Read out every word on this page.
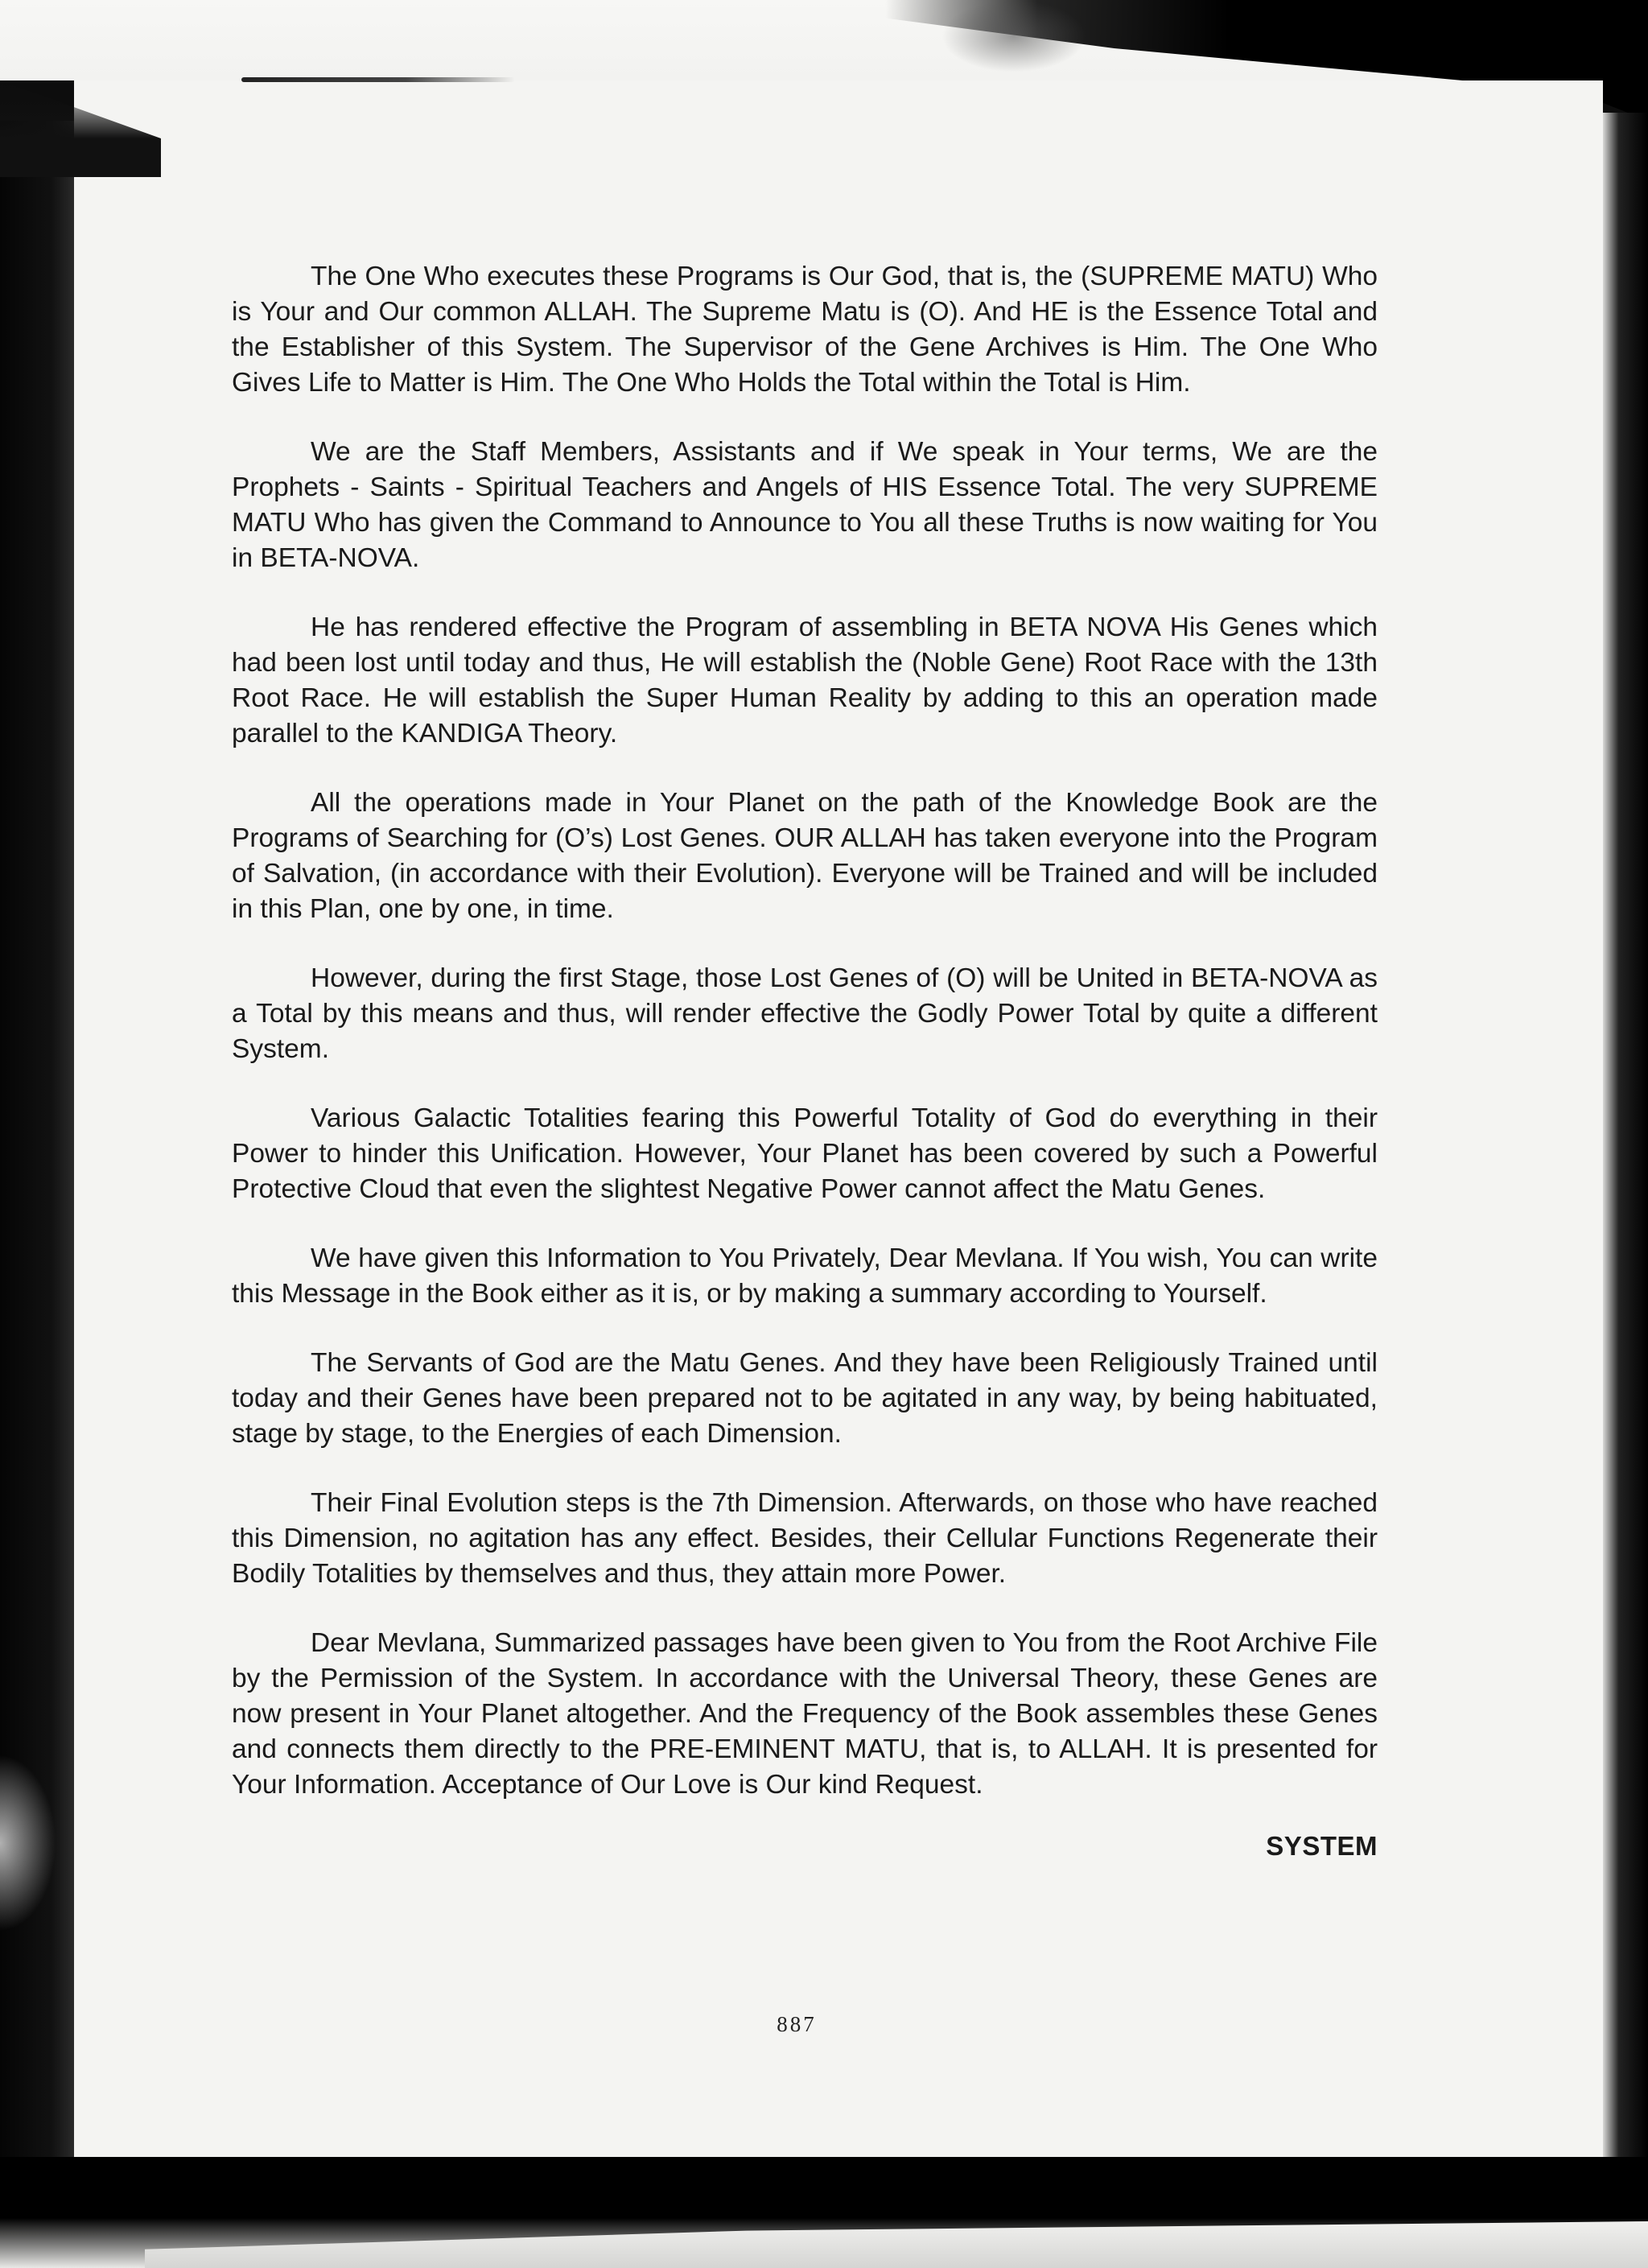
The One Who executes these Programs is Our God, that is, the (SUPREME MATU) Who is Your and Our common ALLAH. The Supreme Matu is (O). And HE is the Essence Total and the Establisher of this System. The Supervisor of the Gene Archives is Him. The One Who Gives Life to Matter is Him. The One Who Holds the Total within the Total is Him.

We are the Staff Members, Assistants and if We speak in Your terms, We are the Prophets - Saints - Spiritual Teachers and Angels of HIS Essence Total. The very SUPREME MATU Who has given the Command to Announce to You all these Truths is now waiting for You in BETA-NOVA.

He has rendered effective the Program of assembling in BETA NOVA His Genes which had been lost until today and thus, He will establish the (Noble Gene) Root Race with the 13th Root Race. He will establish the Super Human Reality by adding to this an operation made parallel to the KANDIGA Theory.

All the operations made in Your Planet on the path of the Knowledge Book are the Programs of Searching for (O’s) Lost Genes. OUR ALLAH has taken everyone into the Program of Salvation, (in accordance with their Evolution). Everyone will be Trained and will be included in this Plan, one by one, in time.

However, during the first Stage, those Lost Genes of (O) will be United in BETA-NOVA as a Total by this means and thus, will render effective the Godly Power Total by quite a different System.

Various Galactic Totalities fearing this Powerful Totality of God do everything in their Power to hinder this Unification. However, Your Planet has been covered by such a Powerful Protective Cloud that even the slightest Negative Power cannot affect the Matu Genes.

We have given this Information to You Privately, Dear Mevlana. If You wish, You can write this Message in the Book either as it is, or by making a summary according to Yourself.

The Servants of God are the Matu Genes. And they have been Religiously Trained until today and their Genes have been prepared not to be agitated in any way, by being habituated, stage by stage, to the Energies of each Dimension.

Their Final Evolution steps is the 7th Dimension. Afterwards, on those who have reached this Dimension, no agitation has any effect. Besides, their Cellular Functions Regenerate their Bodily Totalities by themselves and thus, they attain more Power.

Dear Mevlana, Summarized passages have been given to You from the Root Archive File by the Permission of the System. In accordance with the Universal Theory, these Genes are now present in Your Planet altogether. And the Frequency of the Book assembles these Genes and connects them directly to the PRE-EMINENT MATU, that is, to ALLAH. It is presented for Your Information. Acceptance of Our Love is Our kind Request.

SYSTEM
887
